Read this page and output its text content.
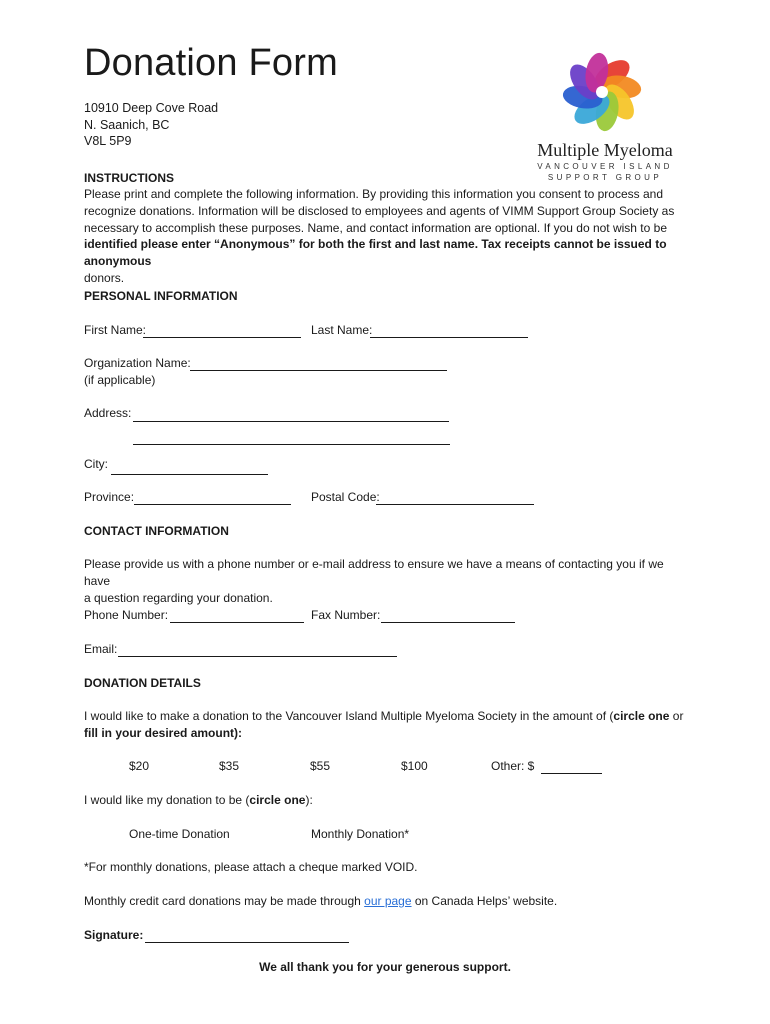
Donation Form
10910 Deep Cove Road
N. Saanich, BC
V8L 5P9	Multiple Myeloma
VANCOUVER ISLAND
SUPPORT GROUP
INSTRUCTIONS
Please print and complete the following information. By providing this information you consent to process and
recognize donations. Information will be disclosed to employees and agents of VIMM Support Group Society as
necessary to accomplish these purposes. Name, and contact information are optional. If you do not wish to be
identified please enter “Anonymous” for both the first and last name. Tax receipts cannot be issued to anonymous
donors.
PERSONAL INFORMATION
First Name:	Last Name:
Organization Name:
(if applicable)
Address:
City:
Province:	Postal Code:
CONTACT INFORMATION
Please provide us with a phone number or e-mail address to ensure we have a means of contacting you if we have
a question regarding your donation.
Phone Number:	Fax Number:
Email:
DONATION DETAILS
I would like to make a donation to the Vancouver Island Multiple Myeloma Society in the amount of (circle one or
fill in your desired amount):
$20	$35	$55	$100	Other: $
I would like my donation to be (circle one):
One-time Donation	Monthly Donation*
*For monthly donations, please attach a cheque marked VOID.
Monthly credit card donations may be made through our page on Canada Helps’ website.
Signature:
We all thank you for your generous support.
